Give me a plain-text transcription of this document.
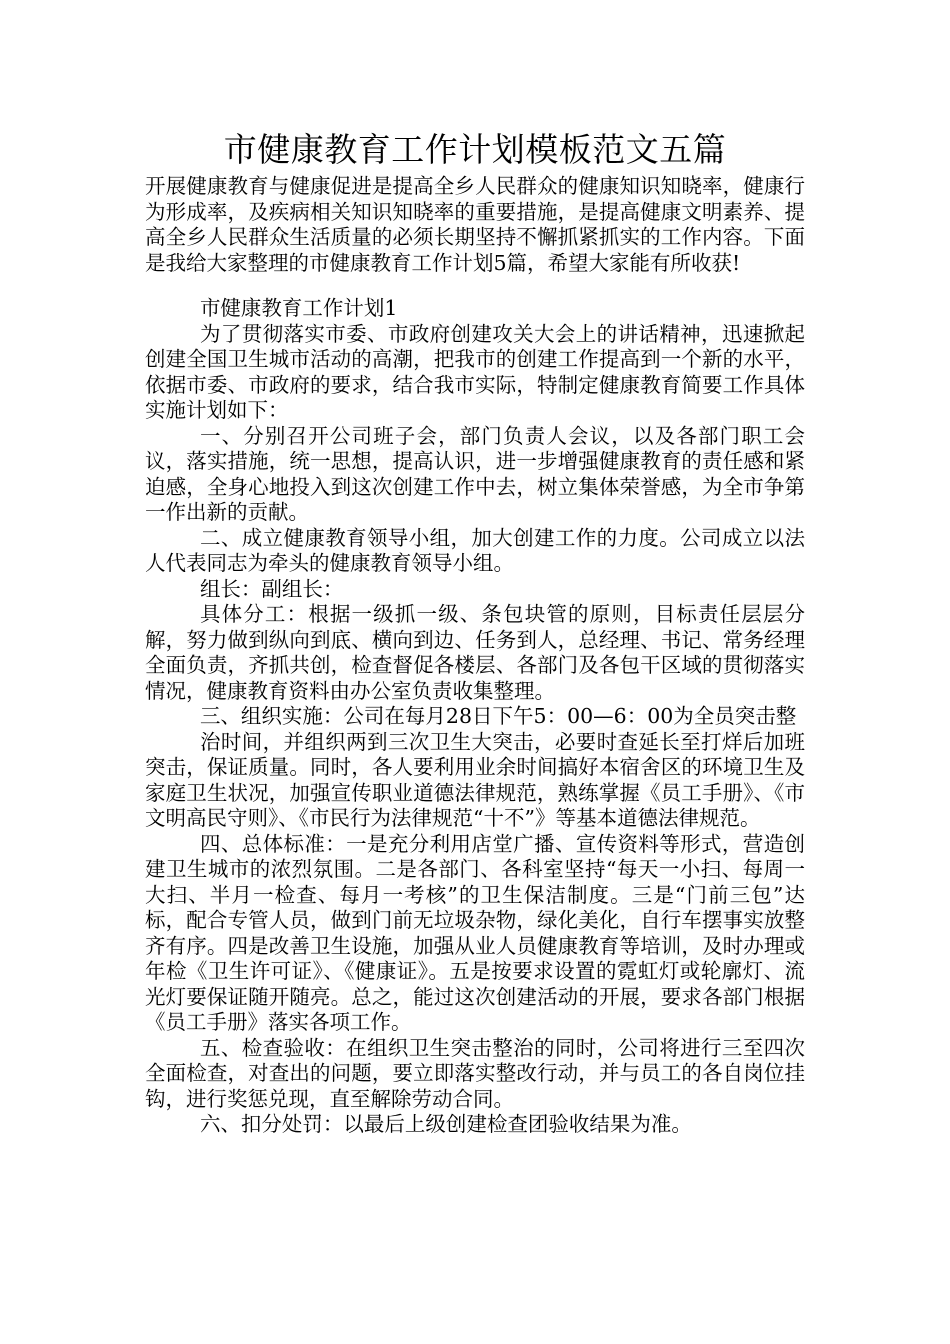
市健康教育工作计划模板范文五篇

开展健康教育与健康促进是提高全乡人民群众的健康知识知晓率，健康行为形成率，及疾病相关知识知晓率的重要措施，是提高健康文明素养、提高全乡人民群众生活质量的必须长期坚持不懈抓紧抓实的工作内容。下面是我给大家整理的市健康教育工作计划5篇，希望大家能有所收获!

市健康教育工作计划1

为了贯彻落实市委、市政府创建攻关大会上的讲话精神，迅速掀起创建全国卫生城市活动的高潮，把我市的创建工作提高到一个新的水平，依据市委、市政府的要求，结合我市实际，特制定健康教育简要工作具体实施计划如下：

一、分别召开公司班子会，部门负责人会议，以及各部门职工会议，落实措施，统一思想，提高认识，进一步增强健康教育的责任感和紧迫感，全身心地投入到这次创建工作中去，树立集体荣誉感，为全市争第一作出新的贡献。

二、成立健康教育领导小组，加大创建工作的力度。公司成立以法人代表同志为牵头的健康教育领导小组。

组长：副组长：

具体分工：根据一级抓一级、条包块管的原则，目标责任层层分解，努力做到纵向到底、横向到边、任务到人，总经理、书记、常务经理全面负责，齐抓共创，检查督促各楼层、各部门及各包干区域的贯彻落实情况，健康教育资料由办公室负责收集整理。

三、组织实施：公司在每月28日下午5：00—6：00为全员突击整

治时间，并组织两到三次卫生大突击，必要时查延长至打烊后加班突击，保证质量。同时，各人要利用业余时间搞好本宿舍区的环境卫生及家庭卫生状况，加强宣传职业道德法律规范，熟练掌握《员工手册》、《市文明高民守则》、《市民行为法律规范“十不”》等基本道德法律规范。

四、总体标准：一是充分利用店堂广播、宣传资料等形式，营造创建卫生城市的浓烈氛围。二是各部门、各科室坚持“每天一小扫、每周一大扫、半月一检查、每月一考核”的卫生保洁制度。三是“门前三包”达标，配合专管人员，做到门前无垃圾杂物，绿化美化，自行车摆事实放整齐有序。四是改善卫生设施，加强从业人员健康教育等培训，及时办理或年检《卫生许可证》、《健康证》。五是按要求设置的霓虹灯或轮廓灯、流光灯要保证随开随亮。总之，能过这次创建活动的开展，要求各部门根据《员工手册》落实各项工作。

五、检查验收：在组织卫生突击整治的同时，公司将进行三至四次全面检查，对查出的问题，要立即落实整改行动，并与员工的各自岗位挂钩，进行奖惩兑现，直至解除劳动合同。

六、扣分处罚：以最后上级创建检查团验收结果为准。
